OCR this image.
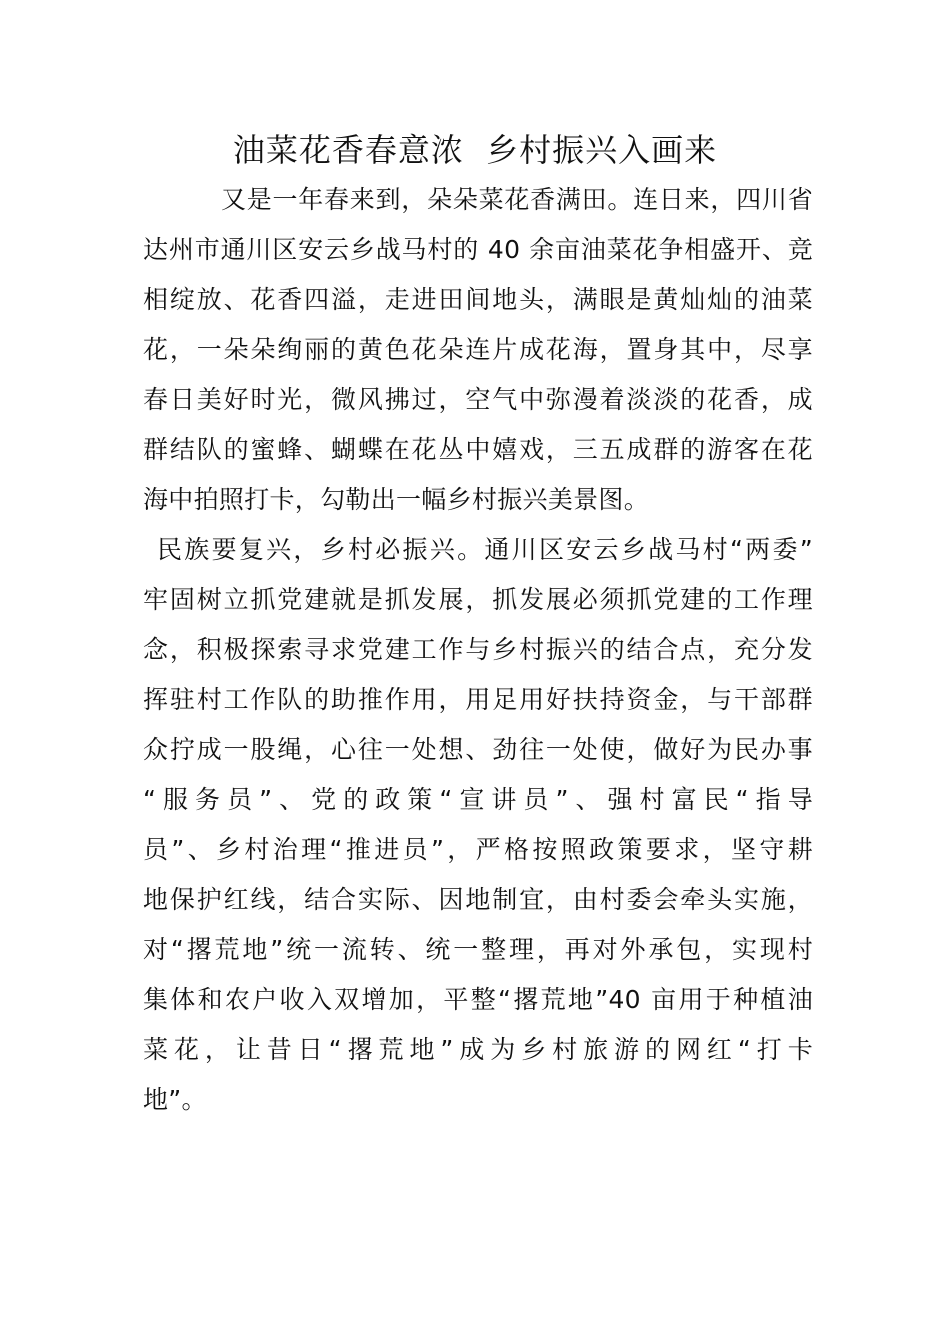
油菜花香春意浓  乡村振兴入画来
又是一年春来到，朵朵菜花香满田。连日来，四川省
达州市通川区安云乡战马村的 40 余亩油菜花争相盛开、竞
相绽放、花香四溢，走进田间地头，满眼是黄灿灿的油菜
花，一朵朵绚丽的黄色花朵连片成花海，置身其中，尽享
春日美好时光，微风拂过，空气中弥漫着淡淡的花香，成
群结队的蜜蜂、蝴蝶在花丛中嬉戏，三五成群的游客在花
海中拍照打卡，勾勒出一幅乡村振兴美景图。
民族要复兴，乡村必振兴。通川区安云乡战马村“两委”
牢固树立抓党建就是抓发展，抓发展必须抓党建的工作理
念，积极探索寻求党建工作与乡村振兴的结合点，充分发
挥驻村工作队的助推作用，用足用好扶持资金，与干部群
众拧成一股绳，心往一处想、劲往一处使，做好为民办事
“服务员”、党的政策“宣讲员”、强村富民“指导
员”、乡村治理“推进员”，严格按照政策要求，坚守耕
地保护红线，结合实际、因地制宜，由村委会牵头实施，
对“撂荒地”统一流转、统一整理，再对外承包，实现村
集体和农户收入双增加，平整“撂荒地”40 亩用于种植油
菜花，让昔日“撂荒地”成为乡村旅游的网红“打卡
地”。
